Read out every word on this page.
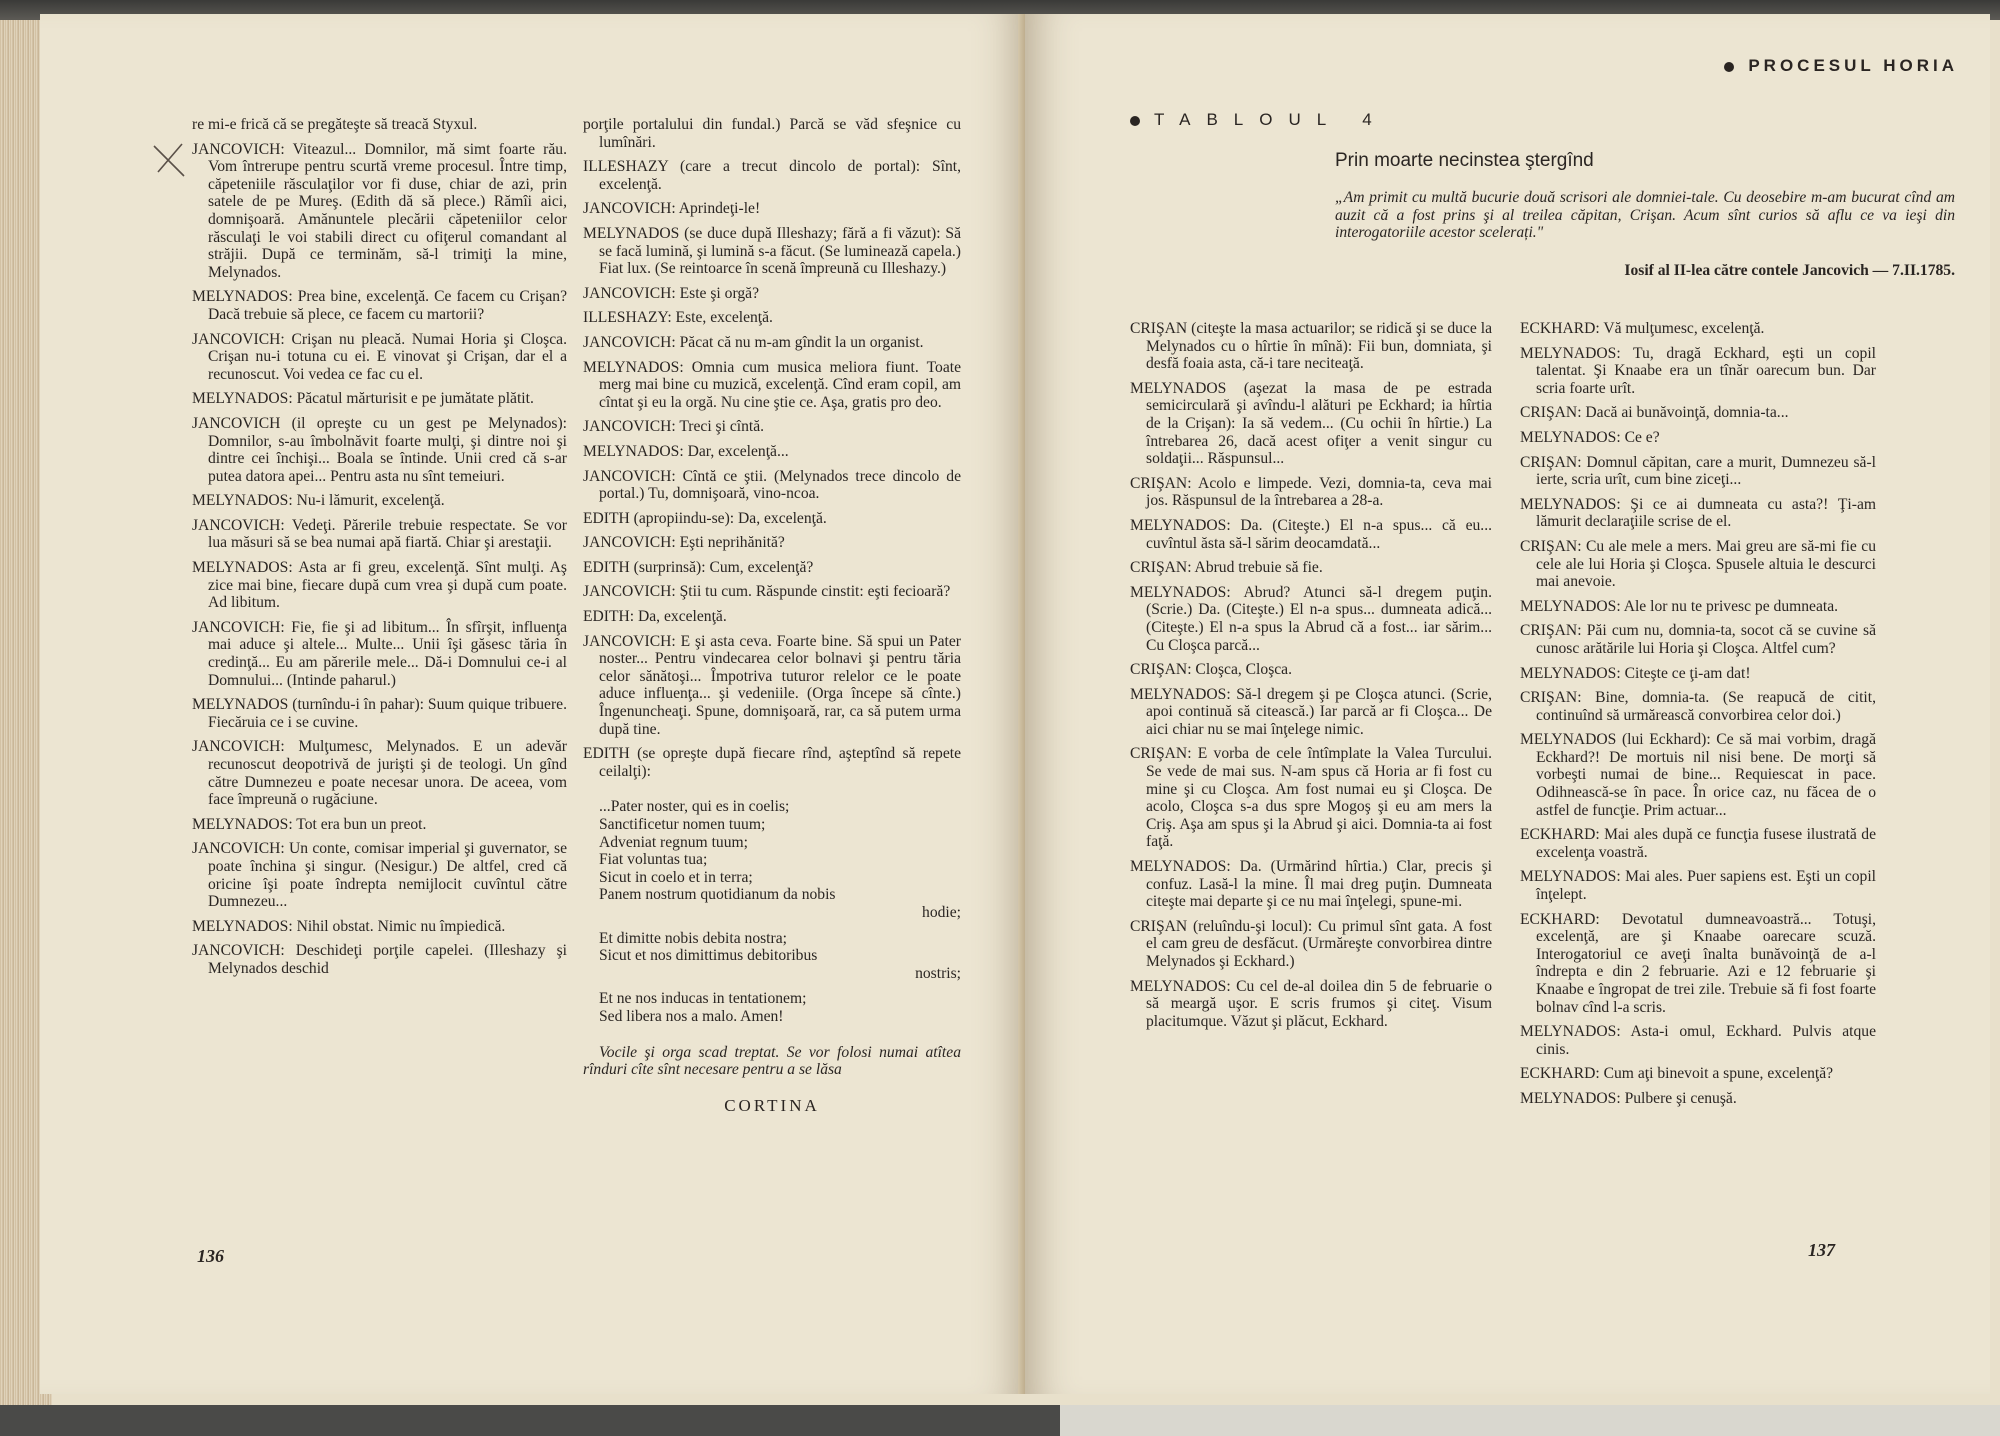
re mi-e frică că se pregăteşte să treacă Styxul.

JANCOVICH: Viteazul... Domnilor, mă simt foarte rău. Vom întrerupe pentru scurtă vreme procesul. Între timp, căpeteniile răsculaţilor vor fi duse, chiar de azi, prin satele de pe Mureş. (Edith dă să plece.) Rămîi aici, domnişoară. Amănuntele plecării căpeteniilor celor răsculaţi le voi stabili direct cu ofiţerul comandant al străjii. După ce terminăm, să-l trimiţi la mine, Melynados.

MELYNADOS: Prea bine, excelenţă. Ce facem cu Crişan? Dacă trebuie să plece, ce facem cu martorii?

JANCOVICH: Crişan nu pleacă. Numai Horia şi Cloşca. Crişan nu-i totuna cu ei. E vinovat şi Crişan, dar el a recunoscut. Voi vedea ce fac cu el.

MELYNADOS: Păcatul mărturisit e pe jumătate plătit.

JANCOVICH (il opreşte cu un gest pe Melynados): Domnilor, s-au îmbolnăvit foarte mulţi, şi dintre noi şi dintre cei închişi... Boala se întinde. Unii cred că s-ar putea datora apei... Pentru asta nu sînt temeiuri.

MELYNADOS: Nu-i lămurit, excelenţă.

JANCOVICH: Vedeţi. Părerile trebuie respectate. Se vor lua măsuri să se bea numai apă fiartă. Chiar şi arestaţii.

MELYNADOS: Asta ar fi greu, excelenţă. Sînt mulţi. Aş zice mai bine, fiecare după cum vrea şi după cum poate. Ad libitum.

JANCOVICH: Fie, fie şi ad libitum... În sfîrşit, influenţa mai aduce şi altele... Multe... Unii îşi găsesc tăria în credinţă... Eu am părerile mele... Dă-i Domnului ce-i al Domnului... (Intinde paharul.)

MELYNADOS (turnîndu-i în pahar): Suum quique tribuere. Fiecăruia ce i se cuvine.

JANCOVICH: Mulţumesc, Melynados. E un adevăr recunoscut deopotrivă de jurişti şi de teologi. Un gînd către Dumnezeu e poate necesar unora. De aceea, vom face împreună o rugăciune.

MELYNADOS: Tot era bun un preot.

JANCOVICH: Un conte, comisar imperial şi guvernator, se poate închina şi singur. (Nesigur.) De altfel, cred că oricine îşi poate îndrepta nemijlocit cuvîntul către Dumnezeu...

MELYNADOS: Nihil obstat. Nimic nu împiedică.

JANCOVICH: Deschideţi porţile capelei. (Illeshazy şi Melynados deschid

porţile portalului din fundal.) Parcă se văd sfeşnice cu lumînări.

ILLESHAZY (care a trecut dincolo de portal): Sînt, excelenţă.

JANCOVICH: Aprindeţi-le!

MELYNADOS (se duce după Illeshazy; fără a fi văzut): Să se facă lumină, şi lumină s-a făcut. (Se luminează capela.) Fiat lux. (Se reintoarce în scenă împreună cu Illeshazy.)

JANCOVICH: Este şi orgă?

ILLESHAZY: Este, excelenţă.

JANCOVICH: Păcat că nu m-am gîndit la un organist.

MELYNADOS: Omnia cum musica meliora fiunt. Toate merg mai bine cu muzică, excelenţă. Cînd eram copil, am cîntat şi eu la orgă. Nu cine ştie ce. Aşa, gratis pro deo.

JANCOVICH: Treci şi cîntă.

MELYNADOS: Dar, excelenţă...

JANCOVICH: Cîntă ce ştii. (Melynados trece dincolo de portal.) Tu, domnişoară, vino-ncoa.

EDITH (apropiindu-se): Da, excelenţă.

JANCOVICH: Eşti neprihănită?

EDITH (surprinsă): Cum, excelenţă?

JANCOVICH: Ştii tu cum. Răspunde cinstit: eşti fecioară?

EDITH: Da, excelenţă.

JANCOVICH: E şi asta ceva. Foarte bine. Să spui un Pater noster... Pentru vindecarea celor bolnavi şi pentru tăria celor sănătoşi... Împotriva tuturor relelor ce le poate aduce influenţa... şi vedeniile. (Orga începe să cînte.) Îngenuncheaţi. Spune, domnişoară, rar, ca să putem urma după tine.

EDITH (se opreşte după fiecare rînd, aşteptînd să repete ceilalţi):

...Pater noster, qui es in coelis;
Sanctificetur nomen tuum;
Adveniat regnum tuum;
Fiat voluntas tua;
Sicut in coelo et in terra;
Panem nostrum quotidianum da nobis
hodie;
Et dimitte nobis debita nostra;
Sicut et nos dimittimus debitoribus
nostris;
Et ne nos inducas in tentationem;
Sed libera nos a malo. Amen!

Vocile şi orga scad treptat. Se vor folosi numai atîtea rînduri cîte sînt necesare pentru a se lăsa

CORTINA
136
PROCESUL HORIA
TABLOUL 4
Prin moarte necinstea ştergînd
„Am primit cu multă bucurie două scrisori ale domniei-tale. Cu deosebire m-am bucurat cînd am auzit că a fost prins şi al treilea căpitan, Crişan. Acum sînt curios să aflu ce va ieşi din interogatoriile acestor scelerați."
Iosif al II-lea către contele Jancovich — 7.II.1785.

CRIŞAN (citeşte la masa actuarilor; se ridică şi se duce la Melynados cu o hîrtie în mînă): Fii bun, domniata, şi desfă foaia asta, că-i tare neciteaţă.

MELYNADOS (aşezat la masa de pe estrada semicirculară şi avîndu-l alături pe Eckhard; ia hîrtia de la Crişan): Ia să vedem... (Cu ochii în hîrtie.) La întrebarea 26, dacă acest ofiţer a venit singur cu soldaţii... Răspunsul...

CRIŞAN: Acolo e limpede. Vezi, domnia-ta, ceva mai jos. Răspunsul de la întrebarea a 28-a.

MELYNADOS: Da. (Citeşte.) El n-a spus... că eu... cuvîntul ăsta să-l sărim deocamdată...

CRIŞAN: Abrud trebuie să fie.

MELYNADOS: Abrud? Atunci să-l dregem puţin. (Scrie.) Da. (Citeşte.) El n-a spus... dumneata adică... (Citeşte.) El n-a spus la Abrud că a fost... iar sărim... Cu Cloşca parcă...

CRIŞAN: Cloşca, Cloşca.

MELYNADOS: Să-l dregem şi pe Cloşca atunci. (Scrie, apoi continuă să citească.) Iar parcă ar fi Cloşca... De aici chiar nu se mai înţelege nimic.

CRIŞAN: E vorba de cele întîmplate la Valea Turcului. Se vede de mai sus. N-am spus că Horia ar fi fost cu mine şi cu Cloşca. Am fost numai eu şi Cloşca. De acolo, Cloşca s-a dus spre Mogoş şi eu am mers la Criş. Aşa am spus şi la Abrud şi aici. Domnia-ta ai fost faţă.

MELYNADOS: Da. (Urmărind hîrtia.) Clar, precis şi confuz. Lasă-l la mine. Îl mai dreg puţin. Dumneata citeşte mai departe şi ce nu mai înţelegi, spune-mi.

CRIŞAN (reluîndu-şi locul): Cu primul sînt gata. A fost el cam greu de desfăcut. (Urmăreşte convorbirea dintre Melynados şi Eckhard.)

MELYNADOS: Cu cel de-al doilea din 5 de februarie o să meargă uşor. E scris frumos şi citeţ. Visum placitumque. Văzut şi plăcut, Eckhard.

ECKHARD: Vă mulţumesc, excelenţă.

MELYNADOS: Tu, dragă Eckhard, eşti un copil talentat. Şi Knaabe era un tînăr oarecum bun. Dar scria foarte urît.

CRIŞAN: Dacă ai bunăvoinţă, domnia-ta...

MELYNADOS: Ce e?

CRIŞAN: Domnul căpitan, care a murit, Dumnezeu să-l ierte, scria urît, cum bine ziceţi...

MELYNADOS: Şi ce ai dumneata cu asta?! Ţi-am lămurit declaraţiile scrise de el.

CRIŞAN: Cu ale mele a mers. Mai greu are să-mi fie cu cele ale lui Horia şi Cloşca. Spusele altuia le descurci mai anevoie.

MELYNADOS: Ale lor nu te privesc pe dumneata.

CRIŞAN: Păi cum nu, domnia-ta, socot că se cuvine să cunosc arătările lui Horia şi Cloşca. Altfel cum?

MELYNADOS: Citeşte ce ţi-am dat!

CRIŞAN: Bine, domnia-ta. (Se reapucă de citit, continuînd să urmărească convorbirea celor doi.)

MELYNADOS (lui Eckhard): Ce să mai vorbim, dragă Eckhard?! De mortuis nil nisi bene. De morţi să vorbeşti numai de bine... Requiescat in pace. Odihnească-se în pace. În orice caz, nu făcea de o astfel de funcţie. Prim actuar...

ECKHARD: Mai ales după ce funcţia fusese ilustrată de excelenţa voastră.

MELYNADOS: Mai ales. Puer sapiens est. Eşti un copil înţelept.

ECKHARD: Devotatul dumneavoastră... Totuşi, excelenţă, are şi Knaabe oarecare scuză. Interogatoriul ce aveţi înalta bunăvoinţă de a-l îndrepta e din 2 februarie. Azi e 12 februarie şi Knaabe e îngropat de trei zile. Trebuie să fi fost foarte bolnav cînd l-a scris.

MELYNADOS: Asta-i omul, Eckhard. Pulvis atque cinis.

ECKHARD: Cum aţi binevoit a spune, excelenţă?

MELYNADOS: Pulbere şi cenuşă.

137
